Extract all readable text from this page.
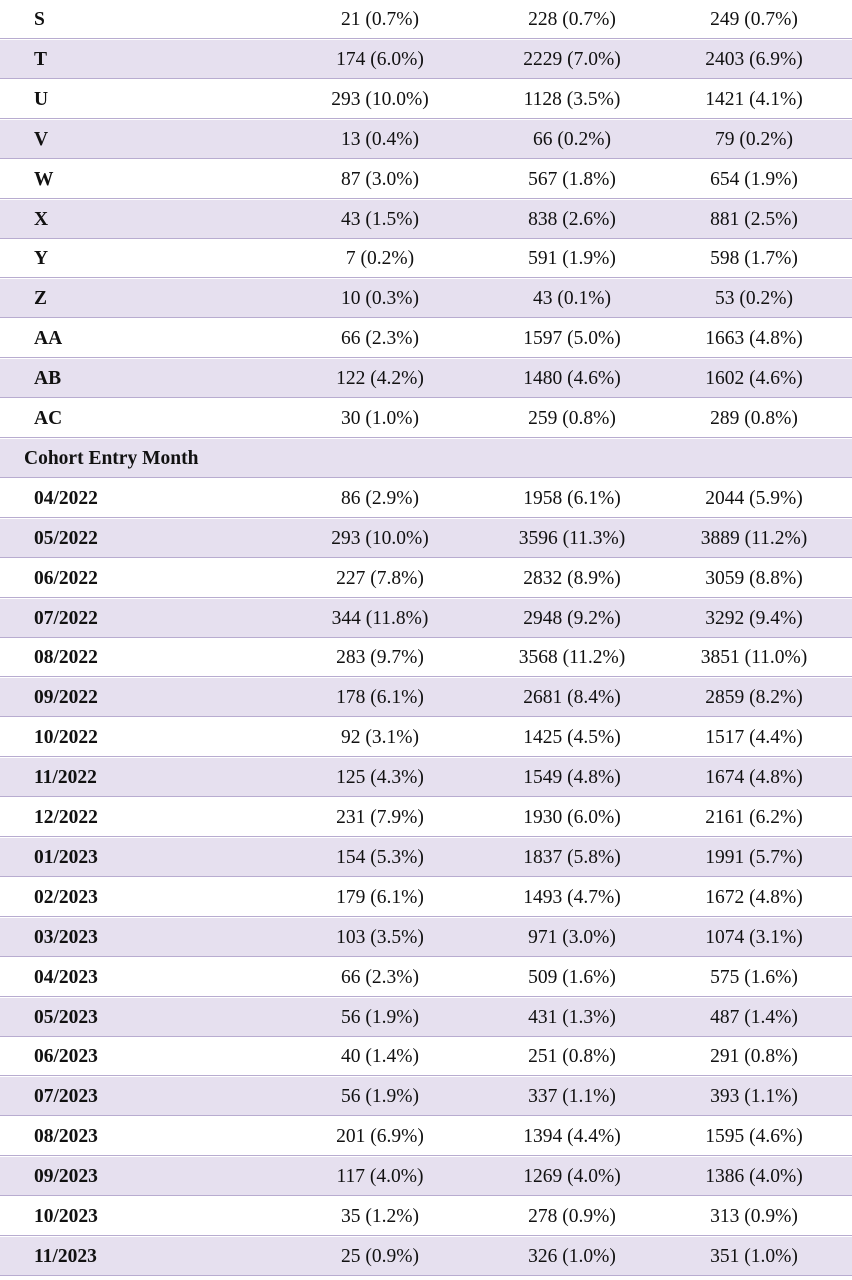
S	21 (0.7%)	228 (0.7%)	249 (0.7%)
T	174 (6.0%)	2229 (7.0%)	2403 (6.9%)
U	293 (10.0%)	1128 (3.5%)	1421 (4.1%)
V	13 (0.4%)	66 (0.2%)	79 (0.2%)
W	87 (3.0%)	567 (1.8%)	654 (1.9%)
X	43 (1.5%)	838 (2.6%)	881 (2.5%)
Y	7 (0.2%)	591 (1.9%)	598 (1.7%)
Z	10 (0.3%)	43 (0.1%)	53 (0.2%)
AA	66 (2.3%)	1597 (5.0%)	1663 (4.8%)
AB	122 (4.2%)	1480 (4.6%)	1602 (4.6%)
AC	30 (1.0%)	259 (0.8%)	289 (0.8%)
Cohort Entry Month
04/2022	86 (2.9%)	1958 (6.1%)	2044 (5.9%)
05/2022	293 (10.0%)	3596 (11.3%)	3889 (11.2%)
06/2022	227 (7.8%)	2832 (8.9%)	3059 (8.8%)
07/2022	344 (11.8%)	2948 (9.2%)	3292 (9.4%)
08/2022	283 (9.7%)	3568 (11.2%)	3851 (11.0%)
09/2022	178 (6.1%)	2681 (8.4%)	2859 (8.2%)
10/2022	92 (3.1%)	1425 (4.5%)	1517 (4.4%)
11/2022	125 (4.3%)	1549 (4.8%)	1674 (4.8%)
12/2022	231 (7.9%)	1930 (6.0%)	2161 (6.2%)
01/2023	154 (5.3%)	1837 (5.8%)	1991 (5.7%)
02/2023	179 (6.1%)	1493 (4.7%)	1672 (4.8%)
03/2023	103 (3.5%)	971 (3.0%)	1074 (3.1%)
04/2023	66 (2.3%)	509 (1.6%)	575 (1.6%)
05/2023	56 (1.9%)	431 (1.3%)	487 (1.4%)
06/2023	40 (1.4%)	251 (0.8%)	291 (0.8%)
07/2023	56 (1.9%)	337 (1.1%)	393 (1.1%)
08/2023	201 (6.9%)	1394 (4.4%)	1595 (4.6%)
09/2023	117 (4.0%)	1269 (4.0%)	1386 (4.0%)
10/2023	35 (1.2%)	278 (0.9%)	313 (0.9%)
11/2023	25 (0.9%)	326 (1.0%)	351 (1.0%)
